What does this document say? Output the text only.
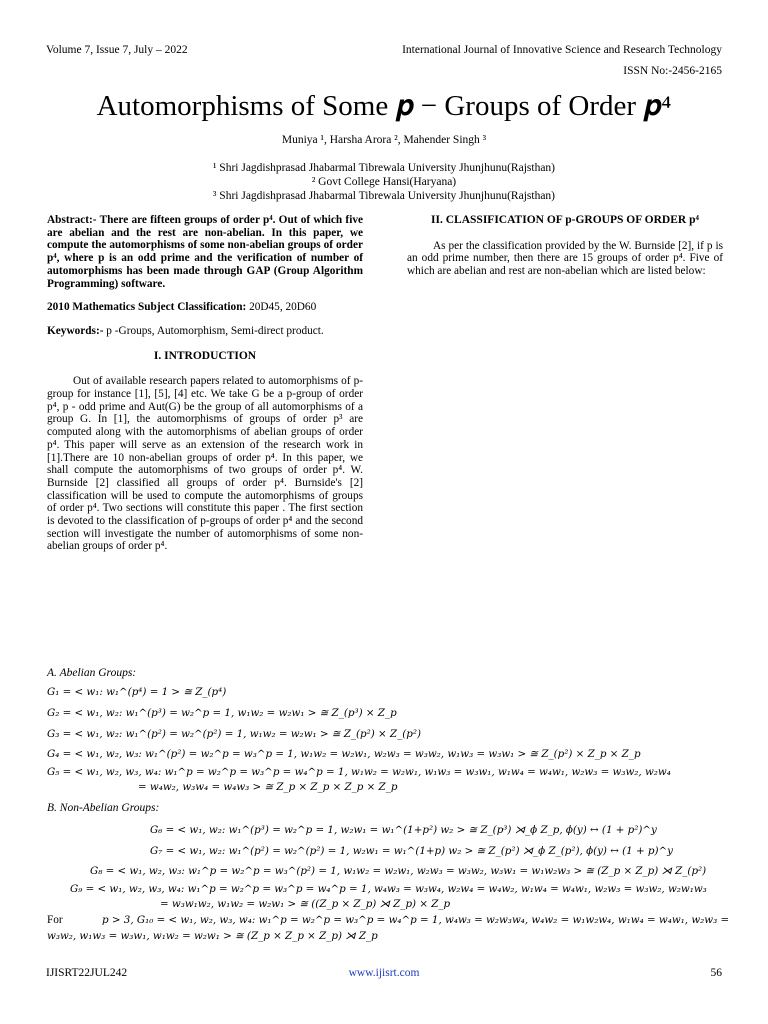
Volume 7, Issue 7, July – 2022	International Journal of Innovative Science and Research Technology
ISSN No:-2456-2165
Automorphisms of Some 𝒑 − Groups of Order 𝒑⁴
Muniya ¹, Harsha Arora ², Mahender Singh ³
¹ Shri Jagdishprasad Jhabarmal Tibrewala University Jhunjhunu(Rajsthan)
² Govt College Hansi(Haryana)
³ Shri Jagdishprasad Jhabarmal Tibrewala University Jhunjhunu(Rajsthan)

Abstract:- There are fifteen groups of order p⁴. Out of which five are abelian and the rest are non-abelian. In this paper, we compute the automorphisms of some non-abelian groups of order p⁴, where p is an odd prime and the verification of number of automorphisms has been made through GAP (Group Algorithm Programming) software.

2010 Mathematics Subject Classification: 20D45, 20D60

Keywords:- p -Groups, Automorphism, Semi-direct product.

I. INTRODUCTION

Out of available research papers related to automorphisms of p-group for instance [1], [5], [4] etc. We take G be a p-group of order p⁴, p - odd prime and Aut(G) be the group of all automorphisms of a group G. In [1], the automorphisms of groups of order p³ are computed along with the automorphisms of abelian groups of order p⁴. This paper will serve as an extension of the research work in [1].There are 10 non-abelian groups of order p⁴. In this paper, we shall compute the automorphisms of two groups of order p⁴. W. Burnside [2] classified all groups of order p⁴. Burnside's [2] classification will be used to compute the automorphisms of groups of order p⁴. Two sections will constitute this paper . The first section is devoted to the classification of p-groups of order p⁴ and the second section will investigate the number of automorphisms of some non-abelian groups of order p⁴.

II. CLASSIFICATION OF p-GROUPS OF ORDER p⁴

As per the classification provided by the W. Burnside [2], if p is an odd prime number, then there are 15 groups of order p⁴. Five of which are abelian and rest are non-abelian which are listed below:

A. Abelian Groups:
G₁ = < w₁: w₁^(p⁴) = 1 > ≅ Z_(p⁴)
G₂ = < w₁, w₂: w₁^(p³) = w₂^p = 1, w₁w₂ = w₂w₁ > ≅ Z_(p³) × Z_p
G₃ = < w₁, w₂: w₁^(p²) = w₂^(p²) = 1, w₁w₂ = w₂w₁ > ≅ Z_(p²) × Z_(p²)
G₄ = < w₁, w₂, w₃: w₁^(p²) = w₂^p = w₃^p = 1, w₁w₂ = w₂w₁, w₂w₃ = w₃w₂, w₁w₃ = w₃w₁ > ≅ Z_(p²) × Z_p × Z_p
G₅ = < w₁, w₂, w₃, w₄: w₁^p = w₂^p = w₃^p = w₄^p = 1, w₁w₂ = w₂w₁, w₁w₃ = w₃w₁, w₁w₄ = w₄w₁, w₂w₃ = w₃w₂, w₂w₄
= w₄w₂, w₃w₄ = w₄w₃ > ≅ Z_p × Z_p × Z_p × Z_p
B. Non-Abelian Groups:
G₆ = < w₁, w₂: w₁^(p³) = w₂^p = 1, w₂w₁ = w₁^(1+p²) w₂ > ≅ Z_(p³) ⋊_ϕ Z_p, ϕ(y) ↔ (1 + p²)^y
G₇ = < w₁, w₂: w₁^(p²) = w₂^(p²) = 1, w₂w₁ = w₁^(1+p) w₂ > ≅ Z_(p²) ⋊_ϕ Z_(p²), ϕ(y) ↔ (1 + p)^y
G₈ = < w₁, w₂, w₃: w₁^p = w₂^p = w₃^(p²) = 1, w₁w₂ = w₂w₁, w₂w₃ = w₃w₂, w₃w₁ = w₁w₂w₃ > ≅ (Z_p × Z_p) ⋊ Z_(p²)
G₉ = < w₁, w₂, w₃, w₄: w₁^p = w₂^p = w₃^p = w₄^p = 1, w₄w₃ = w₃w₄, w₂w₄ = w₄w₂, w₁w₄ = w₄w₁, w₂w₃ = w₃w₂, w₂w₁w₃
= w₃w₁w₂, w₁w₂ = w₂w₁ > ≅ ((Z_p × Z_p) ⋊ Z_p) × Z_p
For	p > 3, G₁₀ = < w₁, w₂, w₃, w₄: w₁^p = w₂^p = w₃^p = w₄^p = 1, w₄w₃ = w₂w₃w₄, w₄w₂ = w₁w₂w₄, w₁w₄ = w₄w₁, w₂w₃ =
w₃w₂, w₁w₃ = w₃w₁, w₁w₂ = w₂w₁ > ≅ (Z_p × Z_p × Z_p) ⋊ Z_p
IJISRT22JUL242	www.ijisrt.com	56
